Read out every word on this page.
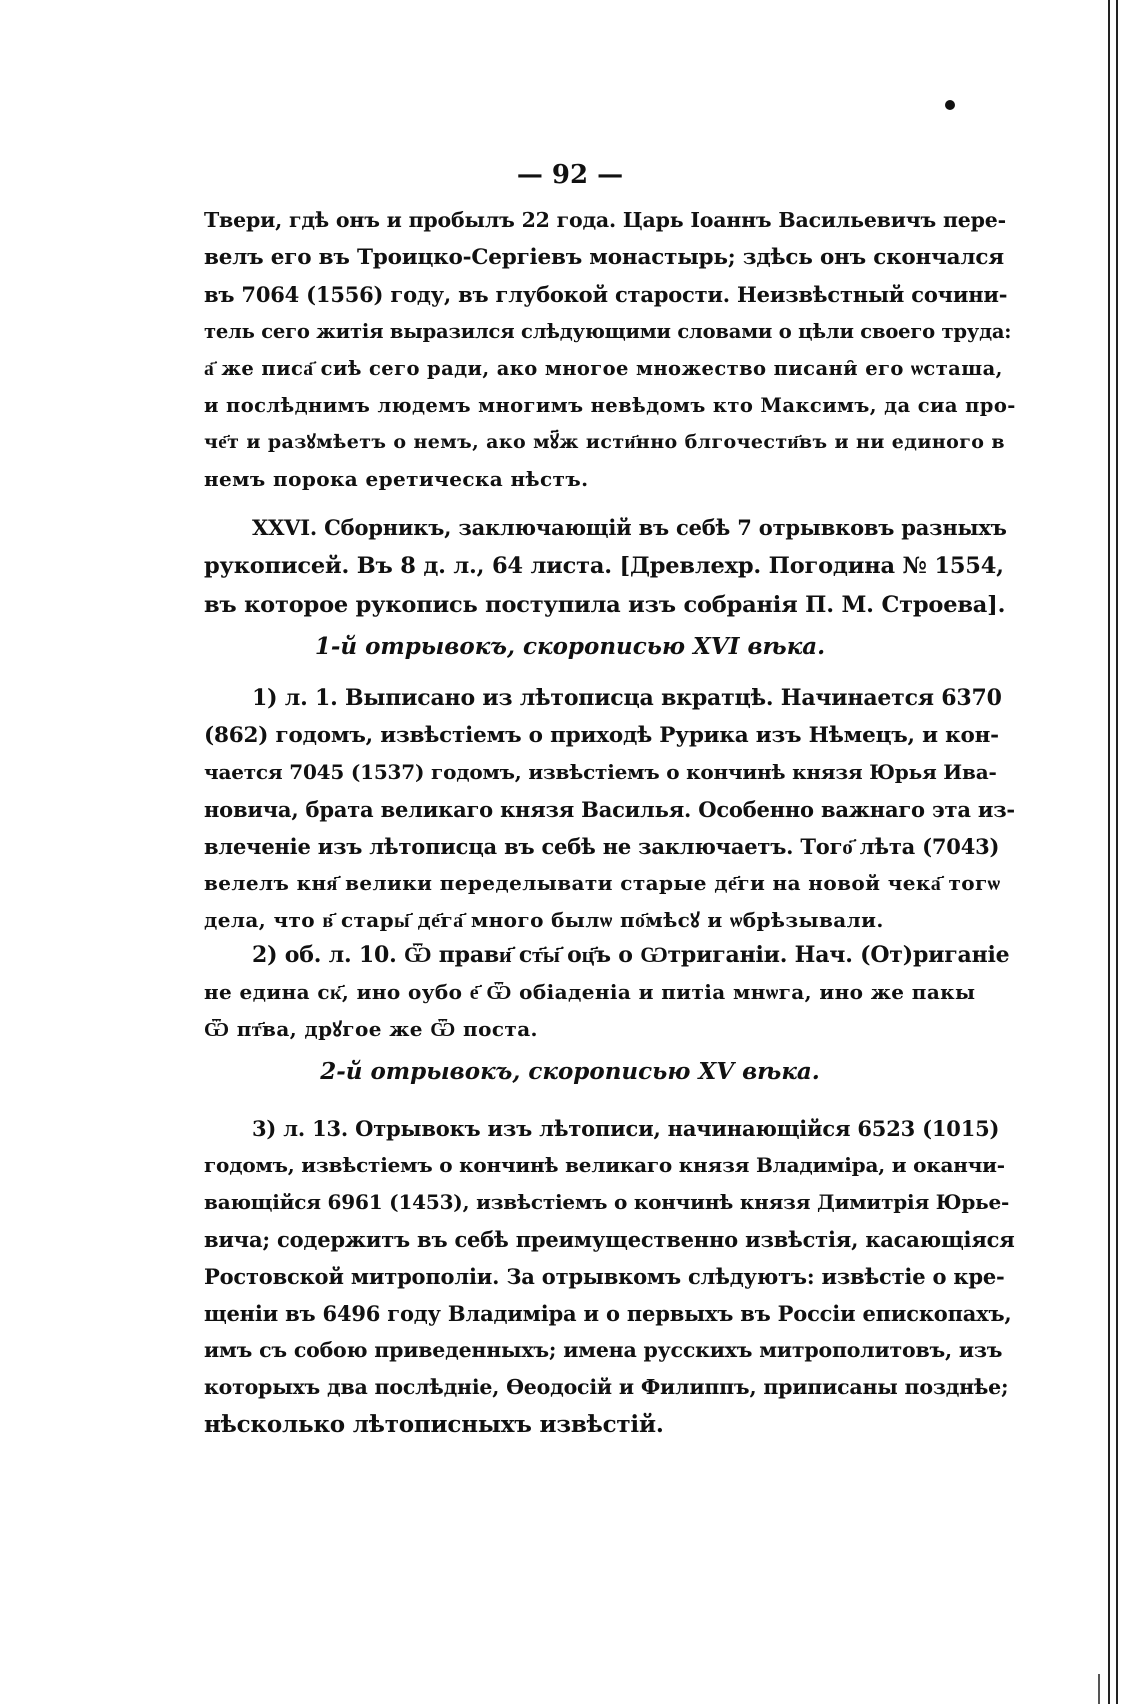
— 92 —
Твери, гдѣ онъ и пробылъ 22 года. Царь Іоаннъ Васильевичъ пере-
велъ его въ Троицко-Сергіевъ монастырь; здѣсь онъ скончался
въ 7064 (1556) году, въ глубокой старости. Неизвѣстный сочини-
тель сего житія выразился слѣдующими словами о цѣли своего труда:
а҃ же писа҃ сиѣ сего ради, ако многое множество писани̑ его ѡсташа,
и послѣднимъ людемъ многимъ невѣдомъ кто Максимъ, да сиа про-
че҃т и разꙋмѣетъ о немъ, ако мꙋ҃ж исти҃нно блгочести҃въ и ни единого в
немъ порока еретическа нѣстъ.
XXVI. Сборникъ, заключающій въ себѣ 7 отрывковъ разныхъ
рукописей. Въ 8 д. л., 64 листа. [Древлехр. Погодина № 1554,
въ которое рукопись поступила изъ собранія П. М. Строева].
1-й отрывокъ, скорописью XVI вѣка.
1) л. 1. Выписано из лѣтописца вкратцѣ. Начинается 6370
(862) годомъ, извѣстіемъ о приходѣ Рурика изъ Нѣмецъ, и кон-
чается 7045 (1537) годомъ, извѣстіемъ о кончинѣ князя Юрья Ива-
новича, брата великаго князя Василья. Особенно важнаго эта из-
влеченіе изъ лѣтописца въ себѣ не заключаетъ. Того҃ лѣта (7043)
велелъ кня҃ велики переделывати старые де҃ги на новой чека҃ тогѡ
дела, что в҃ стары҃ де҃га҃ много былѡ по҃мѣсꙋ и ѡбрѣзывали.
2) об. л. 10. Ѿ прави҃ ст҃ы҃ оц҃ъ о Ѡтриганіи. Нач. (От)риганіе
не едина ск҃, ино оубо е҃ Ѿ обіаденіа и питіа мнѡга, ино же пакы
Ѿ пт҃ва, дрꙋгое же Ѿ поста.
2-й отрывокъ, скорописью XV вѣка.
3) л. 13. Отрывокъ изъ лѣтописи, начинающійся 6523 (1015)
годомъ, извѣстіемъ о кончинѣ великаго князя Владиміра, и оканчи-
вающійся 6961 (1453), извѣстіемъ о кончинѣ князя Димитрія Юрье-
вича; содержитъ въ себѣ преимущественно извѣстія, касающіяся
Ростовской митрополіи. За отрывкомъ слѣдуютъ: извѣстіе о кре-
щеніи въ 6496 году Владиміра и о первыхъ въ Россіи епископахъ,
имъ съ собою приведенныхъ; имена русскихъ митрополитовъ, изъ
которыхъ два послѣдніе, Ѳеодосій и Филиппъ, приписаны позднѣе;
нѣсколько лѣтописныхъ извѣстій.
